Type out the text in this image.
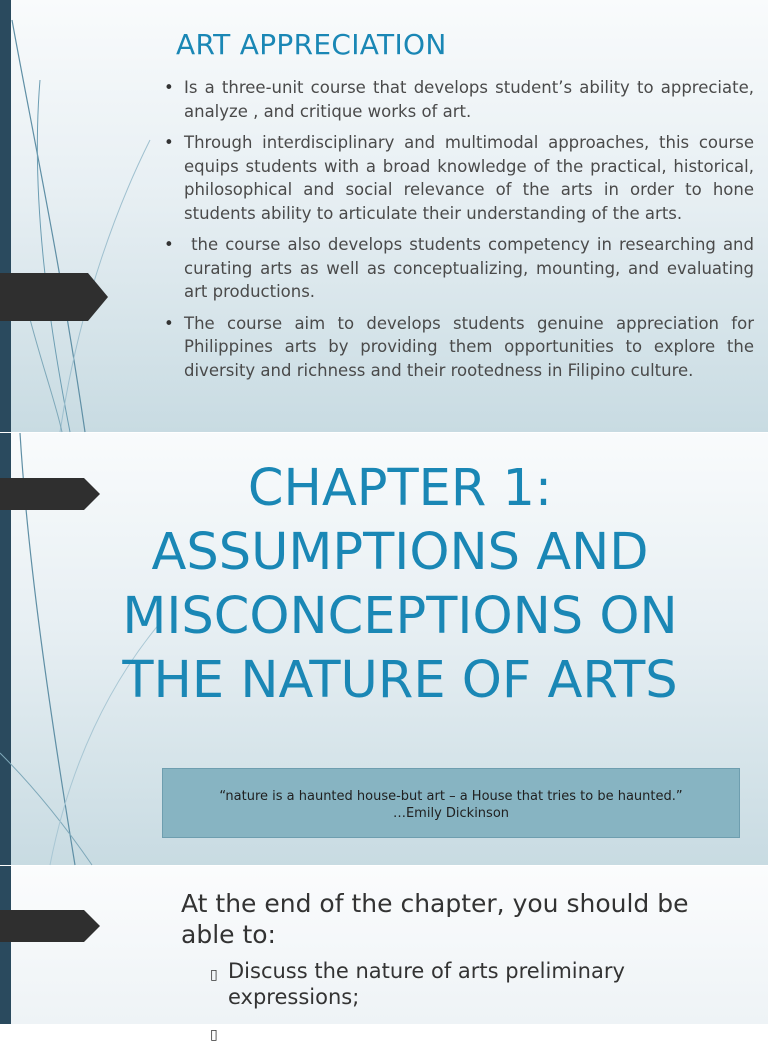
ART APPRECIATION
• Is a three-unit course that develops student’s ability to appreciate, analyze , and critique works of art.
• Through interdisciplinary and multimodal approaches, this course equips students with a broad knowledge of the practical, historical, philosophical and social relevance of the arts in order to hone students ability to articulate their understanding of the arts.
• the course also develops students competency in researching and curating arts as well as conceptualizing, mounting, and evaluating art productions.
• The course aim to develops students genuine appreciation for Philippines arts by providing them opportunities to explore the diversity and richness and their rootedness in Filipino culture.
CHAPTER 1:
ASSUMPTIONS AND
MISCONCEPTIONS ON
THE NATURE OF ARTS
“nature is a haunted house-but art – a House that tries to be haunted.”
…Emily Dickinson
At the end of the chapter, you should be able to:
▯ Discuss the nature of arts preliminary expressions;
▯
